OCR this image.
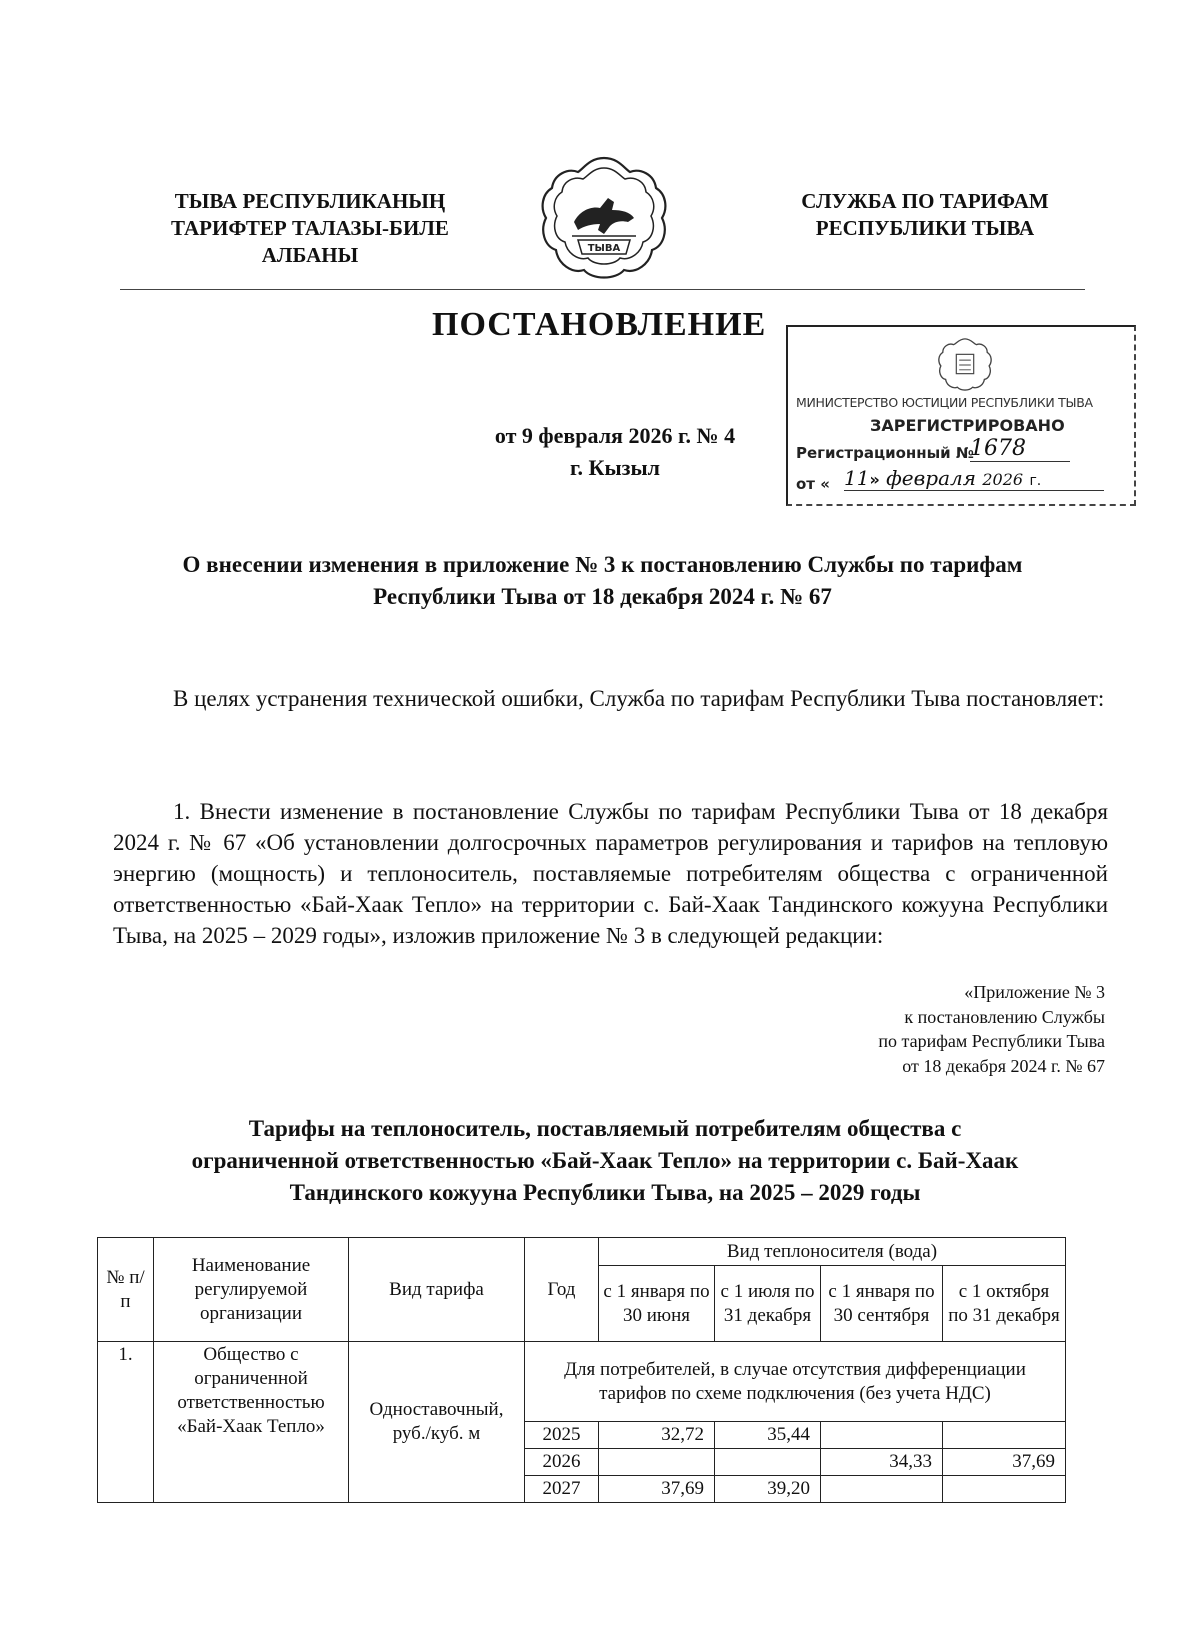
ТЫВА РЕСПУБЛИКАНЫҢ
ТАРИФТЕР ТАЛАЗЫ-БИЛЕ
АЛБАНЫ	ТЫВА
СЛУЖБА ПО ТАРИФАМ
РЕСПУБЛИКИ ТЫВА
ПОСТАНОВЛЕНИЕ
от 9 февраля 2026 г. № 4
г. Кызыл
МИНИСТЕРСТВО ЮСТИЦИИ РЕСПУБЛИКИ ТЫВА
ЗАРЕГИСТРИРОВАНО
Регистрационный №
1678
от « 11» февраля 2026 г.
О внесении изменения в приложение № 3 к постановлению Службы по тарифам Республики Тыва от 18 декабря 2024 г. № 67
В целях устранения технической ошибки, Служба по тарифам Республики Тыва постановляет:
1. Внести изменение в постановление Службы по тарифам Республики Тыва от 18 декабря 2024 г. № 67 «Об установлении долгосрочных параметров регулирования и тарифов на тепловую энергию (мощность) и теплоноситель, поставляемые потребителям общества с ограниченной ответственностью «Бай-Хаак Тепло» на территории с. Бай-Хаак Тандинского кожууна Республики Тыва, на 2025 – 2029 годы», изложив приложение № 3 в следующей редакции:
«Приложение № 3
к постановлению Службы
по тарифам Республики Тыва
от 18 декабря 2024 г. № 67
Тарифы на теплоноситель, поставляемый потребителям общества с
ограниченной ответственностью «Бай-Хаак Тепло» на территории с. Бай-Хаак
Тандинского кожууна Республики Тыва, на 2025 – 2029 годы
№ п/п	Наименование регулируемой организации	Вид тарифа	Год	Вид теплоносителя (вода)			
				с 1 января по 30 июня	с 1 июля по 31 декабря	с 1 января по 30 сентября	с 1 октября по 31 декабря
1.	Общество с ограниченной ответственностью «Бай-Хаак Тепло»	Одноставочный, руб./куб. м	Для потребителей, в случае отсутствия дифференциации тарифов по схеме подключения (без учета НДС)				
			2025	32,72	35,44		
			2026			34,33	37,69
			2027	37,69	39,20		
